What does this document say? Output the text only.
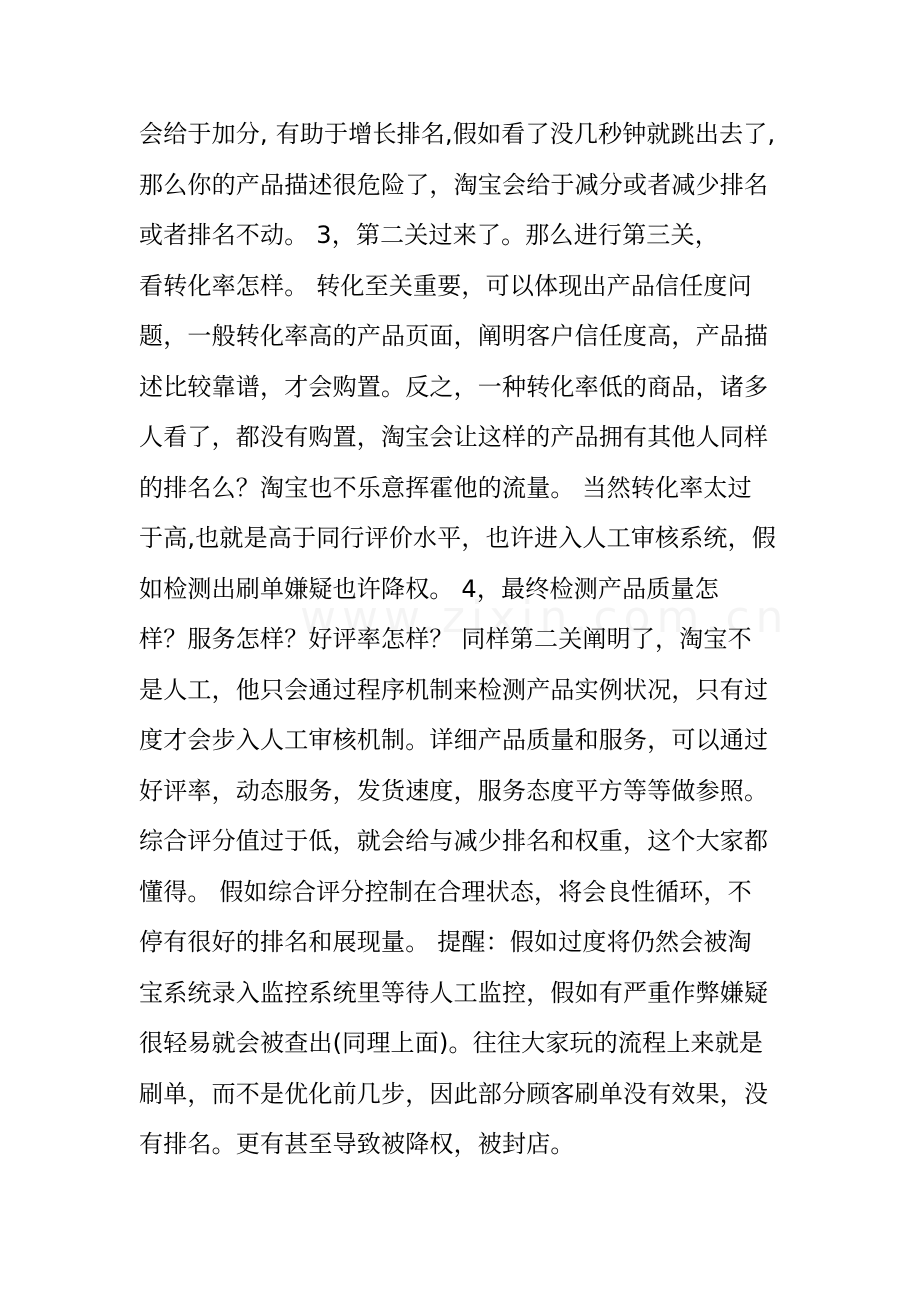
会给于加分, 有助于增长排名,假如看了没几秒钟就跳出去了,
那么你的产品描述很危险了，淘宝会给于减分或者减少排名
或者排名不动。 3，第二关过来了。那么进行第三关，
看转化率怎样。 转化至关重要，可以体现出产品信任度问
题，一般转化率高的产品页面，阐明客户信任度高，产品描
述比较靠谱，才会购置。反之，一种转化率低的商品，诸多
人看了，都没有购置，淘宝会让这样的产品拥有其他人同样
的排名么？淘宝也不乐意挥霍他的流量。 当然转化率太过
于高,也就是高于同行评价水平，也许进入人工审核系统，假
如检测出刷单嫌疑也许降权。 4，最终检测产品质量怎
样？服务怎样？好评率怎样？ 同样第二关阐明了，淘宝不
是人工，他只会通过程序机制来检测产品实例状况，只有过
度才会步入人工审核机制。详细产品质量和服务，可以通过
好评率，动态服务，发货速度，服务态度平方等等做参照。
综合评分值过于低，就会给与减少排名和权重，这个大家都
懂得。 假如综合评分控制在合理状态，将会良性循环，不
停有很好的排名和展现量。 提醒：假如过度将仍然会被淘
宝系统录入监控系统里等待人工监控，假如有严重作弊嫌疑
很轻易就会被查出(同理上面)。往往大家玩的流程上来就是
刷单，而不是优化前几步，因此部分顾客刷单没有效果，没
有排名。更有甚至导致被降权，被封店。
